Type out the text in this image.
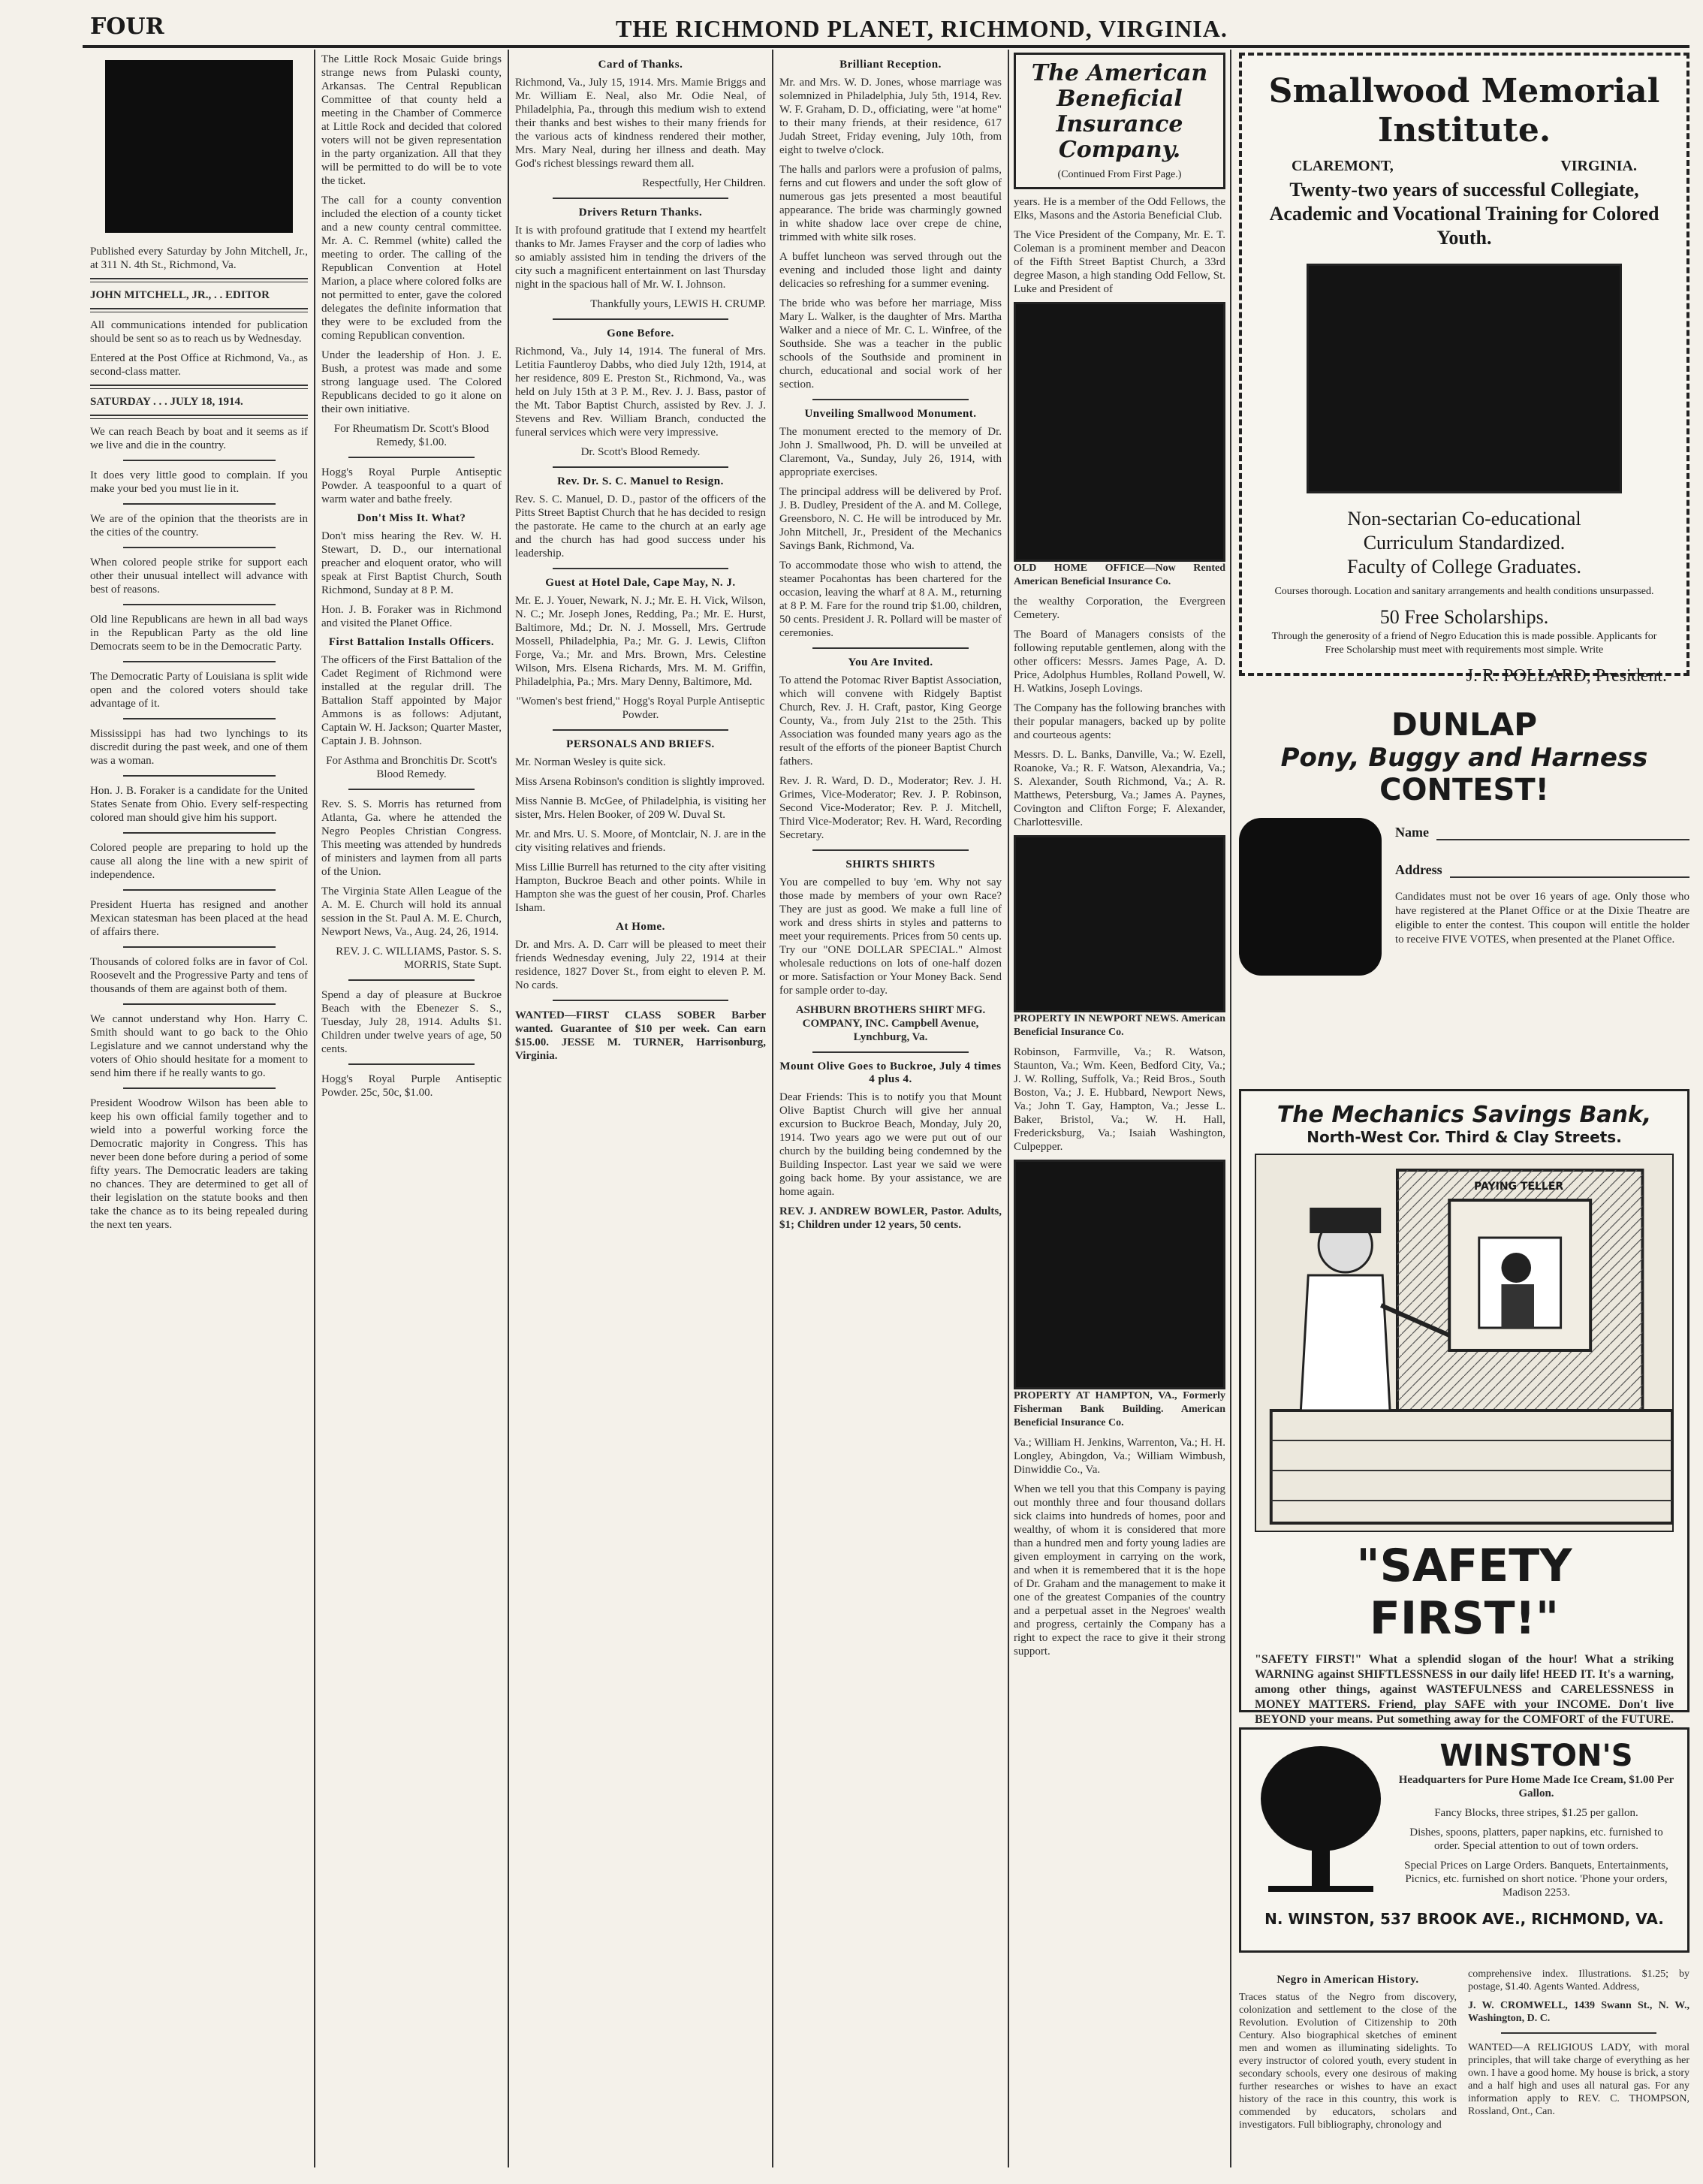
FOUR	THE RICHMOND PLANET, RICHMOND, VIRGINIA.

Published every Saturday by John Mitchell, Jr., at 311 N. 4th St., Richmond, Va.

JOHN MITCHELL, JR., . . EDITOR

All communications intended for publication should be sent so as to reach us by Wednesday.

Entered at the Post Office at Richmond, Va., as second-class matter.

SATURDAY . . . JULY 18, 1914.

We can reach Beach by boat and it seems as if we live and die in the country.

It does very little good to complain. If you make your bed you must lie in it.

We are of the opinion that the theorists are in the cities of the country.

When colored people strike for support each other their unusual intellect will advance with best of reasons.

Old line Republicans are hewn in all bad ways in the Republican Party as the old line Democrats seem to be in the Democratic Party.

The Democratic Party of Louisiana is split wide open and the colored voters should take advantage of it.

Mississippi has had two lynchings to its discredit during the past week, and one of them was a woman.

Hon. J. B. Foraker is a candidate for the United States Senate from Ohio. Every self-respecting colored man should give him his support.

Colored people are preparing to hold up the cause all along the line with a new spirit of independence.

President Huerta has resigned and another Mexican statesman has been placed at the head of affairs there.

Thousands of colored folks are in favor of Col. Roosevelt and the Progressive Party and tens of thousands of them are against both of them.

We cannot understand why Hon. Harry C. Smith should want to go back to the Ohio Legislature and we cannot understand why the voters of Ohio should hesitate for a moment to send him there if he really wants to go.

President Woodrow Wilson has been able to keep his own official family together and to wield into a powerful working force the Democratic majority in Congress. This has never been done before during a period of some fifty years. The Democratic leaders are taking no chances. They are determined to get all of their legislation on the statute books and then take the chance as to its being repealed during the next ten years.

The Little Rock Mosaic Guide brings strange news from Pulaski county, Arkansas. The Central Republican Committee of that county held a meeting in the Chamber of Commerce at Little Rock and decided that colored voters will not be given representation in the party organization. All that they will be permitted to do will be to vote the ticket.

The call for a county convention included the election of a county ticket and a new county central committee. Mr. A. C. Remmel (white) called the meeting to order. The calling of the Republican Convention at Hotel Marion, a place where colored folks are not permitted to enter, gave the colored delegates the definite information that they were to be excluded from the coming Republican convention.

Under the leadership of Hon. J. E. Bush, a protest was made and some strong language used. The Colored Republicans decided to go it alone on their own initiative.

For Rheumatism Dr. Scott's Blood Remedy, $1.00.

Hogg's Royal Purple Antiseptic Powder. A teaspoonful to a quart of warm water and bathe freely.

Don't Miss It. What?

Don't miss hearing the Rev. W. H. Stewart, D. D., our international preacher and eloquent orator, who will speak at First Baptist Church, South Richmond, Sunday at 8 P. M.

Hon. J. B. Foraker was in Richmond and visited the Planet Office.

First Battalion Installs Officers.

The officers of the First Battalion of the Cadet Regiment of Richmond were installed at the regular drill. The Battalion Staff appointed by Major Ammons is as follows: Adjutant, Captain W. H. Jackson; Quarter Master, Captain J. B. Johnson.

For Asthma and Bronchitis Dr. Scott's Blood Remedy.

Rev. S. S. Morris has returned from Atlanta, Ga. where he attended the Negro Peoples Christian Congress. This meeting was attended by hundreds of ministers and laymen from all parts of the Union.

The Virginia State Allen League of the A. M. E. Church will hold its annual session in the St. Paul A. M. E. Church, Newport News, Va., Aug. 24, 26, 1914.

REV. J. C. WILLIAMS, Pastor. S. S. MORRIS, State Supt.

Spend a day of pleasure at Buckroe Beach with the Ebenezer S. S., Tuesday, July 28, 1914. Adults $1. Children under twelve years of age, 50 cents.

Hogg's Royal Purple Antiseptic Powder. 25c, 50c, $1.00.

Card of Thanks.

Richmond, Va., July 15, 1914. Mrs. Mamie Briggs and Mr. William E. Neal, also Mr. Odie Neal, of Philadelphia, Pa., through this medium wish to extend their thanks and best wishes to their many friends for the various acts of kindness rendered their mother, Mrs. Mary Neal, during her illness and death. May God's richest blessings reward them all.

Respectfully, Her Children.

Drivers Return Thanks.

It is with profound gratitude that I extend my heartfelt thanks to Mr. James Frayser and the corp of ladies who so amiably assisted him in tending the drivers of the city such a magnificent entertainment on last Thursday night in the spacious hall of Mr. W. I. Johnson.

Thankfully yours, LEWIS H. CRUMP.

Gone Before.

Richmond, Va., July 14, 1914. The funeral of Mrs. Letitia Fauntleroy Dabbs, who died July 12th, 1914, at her residence, 809 E. Preston St., Richmond, Va., was held on July 15th at 3 P. M., Rev. J. J. Bass, pastor of the Mt. Tabor Baptist Church, assisted by Rev. J. J. Stevens and Rev. William Branch, conducted the funeral services which were very impressive.

Dr. Scott's Blood Remedy.

Rev. Dr. S. C. Manuel to Resign.

Rev. S. C. Manuel, D. D., pastor of the officers of the Pitts Street Baptist Church that he has decided to resign the pastorate. He came to the church at an early age and the church has had good success under his leadership.

Guest at Hotel Dale, Cape May, N. J.

Mr. E. J. Youer, Newark, N. J.; Mr. E. H. Vick, Wilson, N. C.; Mr. Joseph Jones, Redding, Pa.; Mr. E. Hurst, Baltimore, Md.; Dr. N. J. Mossell, Mrs. Gertrude Mossell, Philadelphia, Pa.; Mr. G. J. Lewis, Clifton Forge, Va.; Mr. and Mrs. Brown, Mrs. Celestine Wilson, Mrs. Elsena Richards, Mrs. M. M. Griffin, Philadelphia, Pa.; Mrs. Mary Denny, Baltimore, Md.

"Women's best friend," Hogg's Royal Purple Antiseptic Powder.

PERSONALS AND BRIEFS.

Mr. Norman Wesley is quite sick.

Miss Arsena Robinson's condition is slightly improved.

Miss Nannie B. McGee, of Philadelphia, is visiting her sister, Mrs. Helen Booker, of 209 W. Duval St.

Mr. and Mrs. U. S. Moore, of Montclair, N. J. are in the city visiting relatives and friends.

Miss Lillie Burrell has returned to the city after visiting Hampton, Buckroe Beach and other points. While in Hampton she was the guest of her cousin, Prof. Charles Isham.

At Home.

Dr. and Mrs. A. D. Carr will be pleased to meet their friends Wednesday evening, July 22, 1914 at their residence, 1827 Dover St., from eight to eleven P. M. No cards.

WANTED—FIRST CLASS SOBER Barber wanted. Guarantee of $10 per week. Can earn $15.00. JESSE M. TURNER, Harrisonburg, Virginia.

Brilliant Reception.

Mr. and Mrs. W. D. Jones, whose marriage was solemnized in Philadelphia, July 5th, 1914, Rev. W. F. Graham, D. D., officiating, were "at home" to their many friends, at their residence, 617 Judah Street, Friday evening, July 10th, from eight to twelve o'clock.

The halls and parlors were a profusion of palms, ferns and cut flowers and under the soft glow of numerous gas jets presented a most beautiful appearance. The bride was charmingly gowned in white shadow lace over crepe de chine, trimmed with white silk roses.

A buffet luncheon was served through out the evening and included those light and dainty delicacies so refreshing for a summer evening.

The bride who was before her marriage, Miss Mary L. Walker, is the daughter of Mrs. Martha Walker and a niece of Mr. C. L. Winfree, of the Southside. She was a teacher in the public schools of the Southside and prominent in church, educational and social work of her section.

Unveiling Smallwood Monument.

The monument erected to the memory of Dr. John J. Smallwood, Ph. D. will be unveiled at Claremont, Va., Sunday, July 26, 1914, with appropriate exercises.

The principal address will be delivered by Prof. J. B. Dudley, President of the A. and M. College, Greensboro, N. C. He will be introduced by Mr. John Mitchell, Jr., President of the Mechanics Savings Bank, Richmond, Va.

To accommodate those who wish to attend, the steamer Pocahontas has been chartered for the occasion, leaving the wharf at 8 A. M., returning at 8 P. M. Fare for the round trip $1.00, children, 50 cents. President J. R. Pollard will be master of ceremonies.

You Are Invited.

To attend the Potomac River Baptist Association, which will convene with Ridgely Baptist Church, Rev. J. H. Craft, pastor, King George County, Va., from July 21st to the 25th. This Association was founded many years ago as the result of the efforts of the pioneer Baptist Church fathers.

Rev. J. R. Ward, D. D., Moderator; Rev. J. H. Grimes, Vice-Moderator; Rev. J. P. Robinson, Second Vice-Moderator; Rev. P. J. Mitchell, Third Vice-Moderator; Rev. H. Ward, Recording Secretary.

SHIRTS SHIRTS

You are compelled to buy 'em. Why not say those made by members of your own Race? They are just as good. We make a full line of work and dress shirts in styles and patterns to meet your requirements. Prices from 50 cents up. Try our "ONE DOLLAR SPECIAL." Almost wholesale reductions on lots of one-half dozen or more. Satisfaction or Your Money Back. Send for sample order to-day.

ASHBURN BROTHERS SHIRT MFG. COMPANY, INC. Campbell Avenue, Lynchburg, Va.

Mount Olive Goes to Buckroe, July 4 times 4 plus 4.

Dear Friends: This is to notify you that Mount Olive Baptist Church will give her annual excursion to Buckroe Beach, Monday, July 20, 1914. Two years ago we were put out of our church by the building being condemned by the Building Inspector. Last year we said we were going back home. By your assistance, we are home again.

REV. J. ANDREW BOWLER, Pastor. Adults, $1; Children under 12 years, 50 cents.

The American Beneficial Insurance Company.
(Continued From First Page.)

years. He is a member of the Odd Fellows, the Elks, Masons and the Astoria Beneficial Club.

The Vice President of the Company, Mr. E. T. Coleman is a prominent member and Deacon of the Fifth Street Baptist Church, a 33rd degree Mason, a high standing Odd Fellow, St. Luke and President of

OLD HOME OFFICE—Now Rented American Beneficial Insurance Co.

the wealthy Corporation, the Evergreen Cemetery.

The Board of Managers consists of the following reputable gentlemen, along with the other officers: Messrs. James Page, A. D. Price, Adolphus Humbles, Rolland Powell, W. H. Watkins, Joseph Lovings.

The Company has the following branches with their popular managers, backed up by polite and courteous agents:

Messrs. D. L. Banks, Danville, Va.; W. Ezell, Roanoke, Va.; R. F. Watson, Alexandria, Va.; S. Alexander, South Richmond, Va.; A. R. Matthews, Petersburg, Va.; James A. Paynes, Covington and Clifton Forge; F. Alexander, Charlottesville.

PROPERTY IN NEWPORT NEWS. American Beneficial Insurance Co.

Robinson, Farmville, Va.; R. Watson, Staunton, Va.; Wm. Keen, Bedford City, Va.; J. W. Rolling, Suffolk, Va.; Reid Bros., South Boston, Va.; J. E. Hubbard, Newport News, Va.; John T. Gay, Hampton, Va.; Jesse L. Baker, Bristol, Va.; W. H. Hall, Fredericksburg, Va.; Isaiah Washington, Culpepper.

PROPERTY AT HAMPTON, VA., Formerly Fisherman Bank Building. American Beneficial Insurance Co.

Va.; William H. Jenkins, Warrenton, Va.; H. H. Longley, Abingdon, Va.; William Wimbush, Dinwiddie Co., Va.

When we tell you that this Company is paying out monthly three and four thousand dollars sick claims into hundreds of homes, poor and wealthy, of whom it is considered that more than a hundred men and forty young ladies are given employment in carrying on the work, and when it is remembered that it is the hope of Dr. Graham and the management to make it one of the greatest Companies of the country and a perpetual asset in the Negroes' wealth and progress, certainly the Company has a right to expect the race to give it their strong support.

Smallwood Memorial Institute.
CLAREMONT,	VIRGINIA.
Twenty-two years of successful Collegiate, Academic and Vocational Training for Colored Youth.
Non-sectarian Co-educational
Curriculum Standardized.
Faculty of College Graduates.
Courses thorough. Location and sanitary arrangements and health conditions unsurpassed.
50 Free Scholarships.
Through the generosity of a friend of Negro Education this is made possible. Applicants for Free Scholarship must meet with requirements most simple. Write
J. R. POLLARD, President.
DUNLAP
Pony, Buggy and Harness
CONTEST!
Name
Address

Candidates must not be over 16 years of age. Only those who have registered at the Planet Office or at the Dixie Theatre are eligible to enter the contest. This coupon will entitle the holder to receive FIVE VOTES, when presented at the Planet Office.

The Mechanics Savings Bank,
North-West Cor. Third & Clay Streets.
PAYING TELLER
"SAFETY FIRST!"

"SAFETY FIRST!" What a splendid slogan of the hour! What a striking WARNING against SHIFTLESSNESS in our daily life! HEED IT. It's a warning, among other things, against WASTEFULNESS and CARELESSNESS in MONEY MATTERS. Friend, play SAFE with your INCOME. Don't live BEYOND your means. Put something away for the COMFORT of the FUTURE.

WINSTON'S

Headquarters for Pure Home Made Ice Cream, $1.00 Per Gallon.

Fancy Blocks, three stripes, $1.25 per gallon.

Dishes, spoons, platters, paper napkins, etc. furnished to order. Special attention to out of town orders.

Special Prices on Large Orders. Banquets, Entertainments, Picnics, etc. furnished on short notice. 'Phone your orders, Madison 2253.

N. WINSTON, 537 BROOK AVE., RICHMOND, VA.
Negro in American History.

Traces status of the Negro from discovery, colonization and settlement to the close of the Revolution. Evolution of Citizenship to 20th Century. Also biographical sketches of eminent men and women as illuminating sidelights. To every instructor of colored youth, every student in secondary schools, every one desirous of making further researches or wishes to have an exact history of the race in this country, this work is commended by educators, scholars and investigators. Full bibliography, chronology and

comprehensive index. Illustrations. $1.25; by postage, $1.40. Agents Wanted. Address,

J. W. CROMWELL, 1439 Swann St., N. W., Washington, D. C.

WANTED—A RELIGIOUS LADY, with moral principles, that will take charge of everything as her own. I have a good home. My house is brick, a story and a half high and uses all natural gas. For any information apply to REV. C. THOMPSON, Rossland, Ont., Can.
